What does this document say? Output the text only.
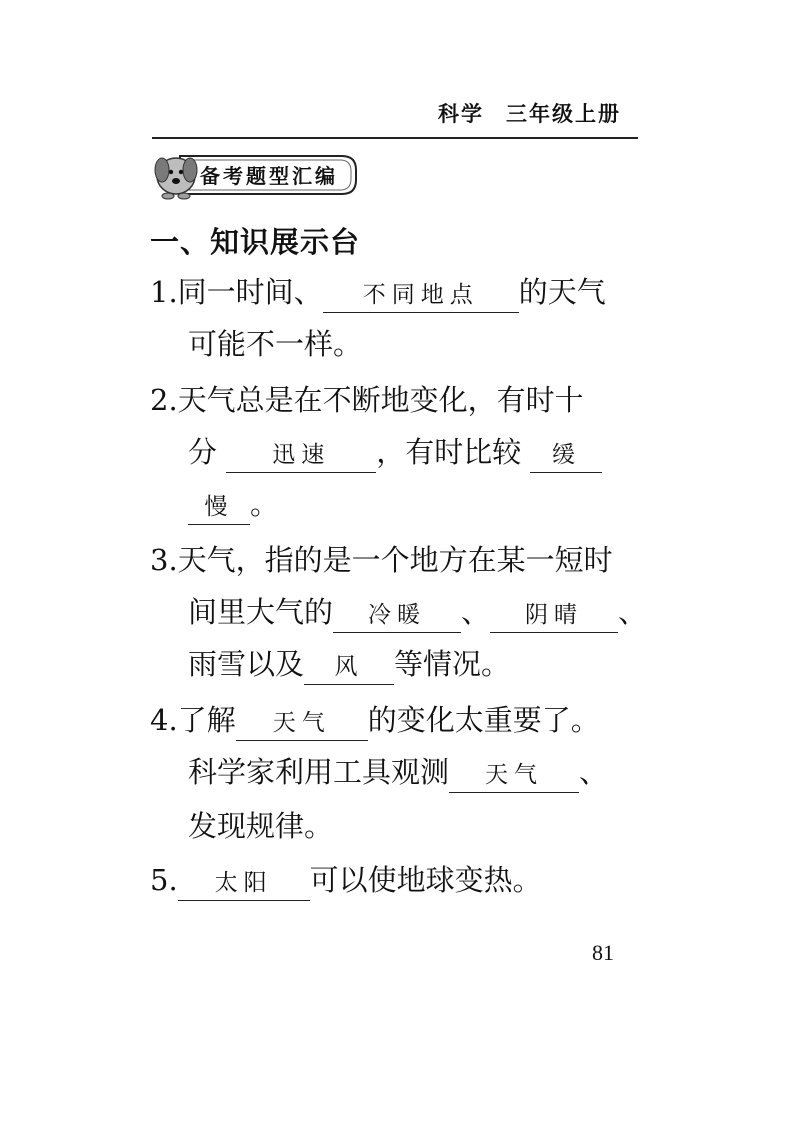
科学 三年级上册
备考题型汇编
一、知识展示台
1.同一时间、 不同地点 的天气
可能不一样。
2.天气总是在不断地变化，有时十
分 迅速 ，有时比较 缓
慢 。
3.天气，指的是一个地方在某一短时
间里大气的 冷暖 、 阴晴 、
雨雪以及 风 等情况。
4.了解 天气 的变化太重要了。
科学家利用工具观测 天气 、
发现规律。
5. 太阳 可以使地球变热。
81
